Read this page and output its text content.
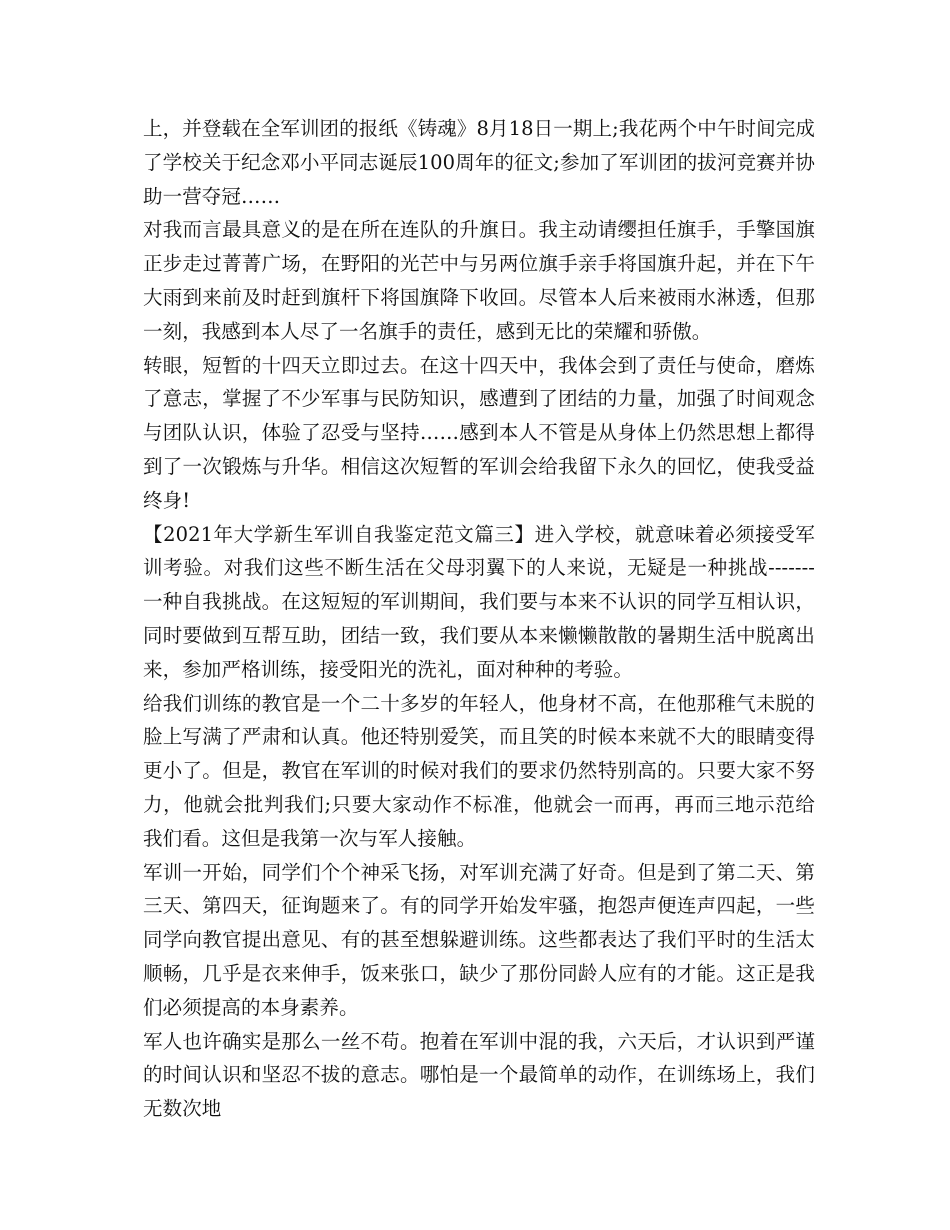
上，并登载在全军训团的报纸《铸魂》8月18日一期上;我花两个中午时间完成了学校关于纪念邓小平同志诞辰100周年的征文;参加了军训团的拔河竞赛并协助一营夺冠……

对我而言最具意义的是在所在连队的升旗日。我主动请缨担任旗手，手擎国旗正步走过菁菁广场，在野阳的光芒中与另两位旗手亲手将国旗升起，并在下午大雨到来前及时赶到旗杆下将国旗降下收回。尽管本人后来被雨水淋透，但那一刻，我感到本人尽了一名旗手的责任，感到无比的荣耀和骄傲。

转眼，短暂的十四天立即过去。在这十四天中，我体会到了责任与使命，磨炼了意志，掌握了不少军事与民防知识，感遭到了团结的力量，加强了时间观念与团队认识，体验了忍受与坚持……感到本人不管是从身体上仍然思想上都得到了一次锻炼与升华。相信这次短暂的军训会给我留下永久的回忆，使我受益终身!

【2021年大学新生军训自我鉴定范文篇三】进入学校，就意味着必须接受军训考验。对我们这些不断生活在父母羽翼下的人来说，无疑是一种挑战-------一种自我挑战。在这短短的军训期间，我们要与本来不认识的同学互相认识，同时要做到互帮互助，团结一致，我们要从本来懒懒散散的暑期生活中脱离出来，参加严格训练，接受阳光的洗礼，面对种种的考验。

给我们训练的教官是一个二十多岁的年轻人，他身材不高，在他那稚气未脱的脸上写满了严肃和认真。他还特别爱笑，而且笑的时候本来就不大的眼睛变得更小了。但是，教官在军训的时候对我们的要求仍然特别高的。只要大家不努力，他就会批判我们;只要大家动作不标准，他就会一而再，再而三地示范给我们看。这但是我第一次与军人接触。

军训一开始，同学们个个神采飞扬，对军训充满了好奇。但是到了第二天、第三天、第四天，征询题来了。有的同学开始发牢骚，抱怨声便连声四起，一些同学向教官提出意见、有的甚至想躲避训练。这些都表达了我们平时的生活太顺畅，几乎是衣来伸手，饭来张口，缺少了那份同龄人应有的才能。这正是我们必须提高的本身素养。

军人也许确实是那么一丝不苟。抱着在军训中混的我，六天后，才认识到严谨的时间认识和坚忍不拔的意志。哪怕是一个最简单的动作，在训练场上，我们无数次地
